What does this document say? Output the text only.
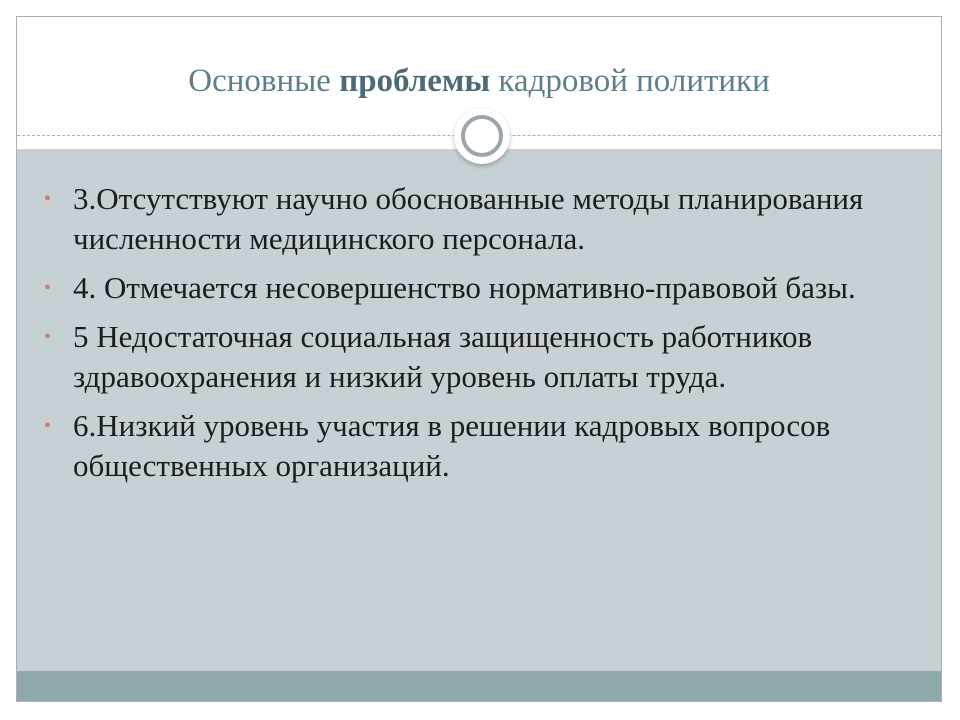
Основные проблемы кадровой политики
• 3.Отсутствуют научно обоснованные методы планирования численности медицинского персонала.
• 4. Отмечается несовершенство нормативно-правовой базы.
• 5 Недостаточная социальная защищенность работников здравоохранения и низкий уровень оплаты труда.
• 6.Низкий уровень участия в решении кадровых вопросов общественных организаций.
